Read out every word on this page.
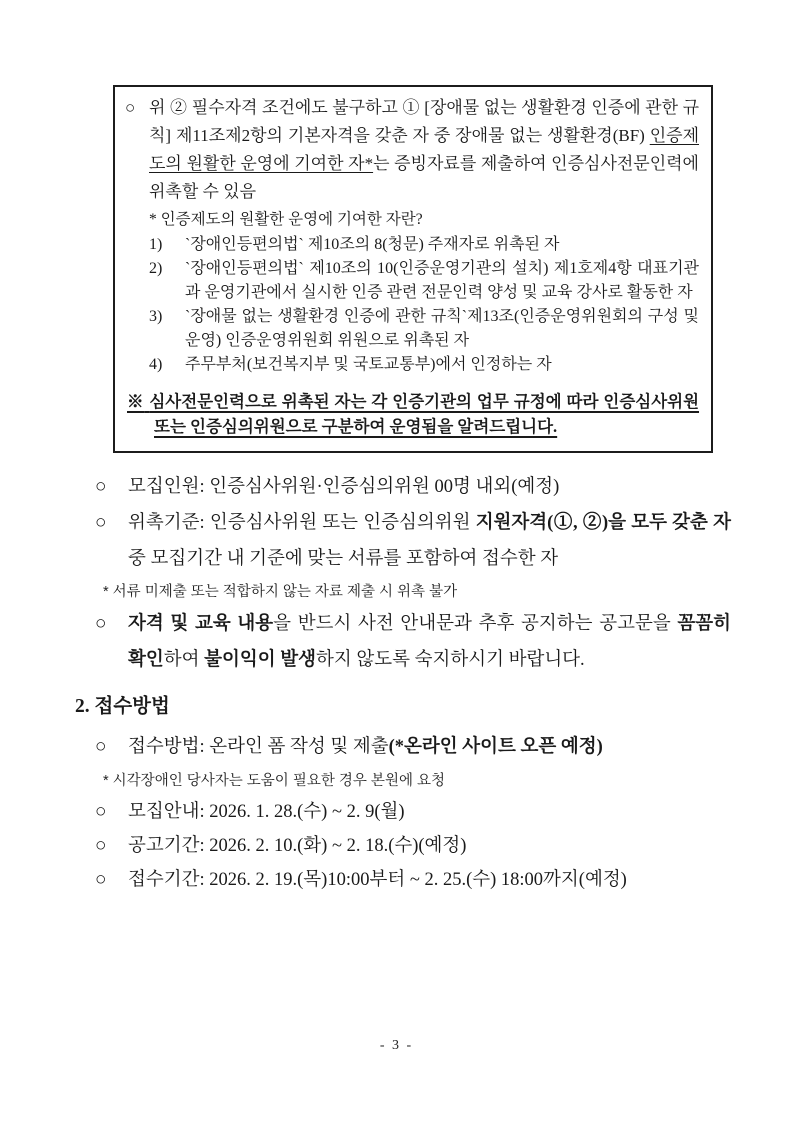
○ 위 ② 필수자격 조건에도 불구하고 ① [장애물 없는 생활환경 인증에 관한 규칙] 제11조제2항의 기본자격을 갖춘 자 중 장애물 없는 생활환경(BF) 인증제도의 원활한 운영에 기여한 자*는 증빙자료를 제출하여 인증심사전문인력에 위촉할 수 있음
* 인증제도의 원활한 운영에 기여한 자란?
1)	`장애인등편의법` 제10조의 8(청문) 주재자로 위촉된 자
2)	`장애인등편의법` 제10조의 10(인증운영기관의 설치) 제1호제4항 대표기관과 운영기관에서 실시한 인증 관련 전문인력 양성 및 교육 강사로 활동한 자
3)	`장애물 없는 생활환경 인증에 관한 규칙`제13조(인증운영위원회의 구성 및 운영) 인증운영위원회 위원으로 위촉된 자
4)	주무부처(보건복지부 및 국토교통부)에서 인정하는 자
※ 심사전문인력으로 위촉된 자는 각 인증기관의 업무 규정에 따라 인증심사위원 또는 인증심의위원으로 구분하여 운영됨을 알려드립니다.
○	모집인원: 인증심사위원·인증심의위원 00명 내외(예정)
○	위촉기준: 인증심사위원 또는 인증심의위원 지원자격(①, ②)을 모두 갖춘 자 중 모집기간 내 기준에 맞는 서류를 포함하여 접수한 자
* 서류 미제출 또는 적합하지 않는 자료 제출 시 위촉 불가
○	자격 및 교육 내용을 반드시 사전 안내문과 추후 공지하는 공고문을 꼼꼼히 확인하여 불이익이 발생하지 않도록 숙지하시기 바랍니다.
2. 접수방법
○	접수방법: 온라인 폼 작성 및 제출(*온라인 사이트 오픈 예정)
* 시각장애인 당사자는 도움이 필요한 경우 본원에 요청
○	모집안내: 2026. 1. 28.(수) ~ 2. 9(월)
○	공고기간: 2026. 2. 10.(화) ~ 2. 18.(수)(예정)
○	접수기간: 2026. 2. 19.(목)10:00부터 ~ 2. 25.(수) 18:00까지(예정)
- 3 -
